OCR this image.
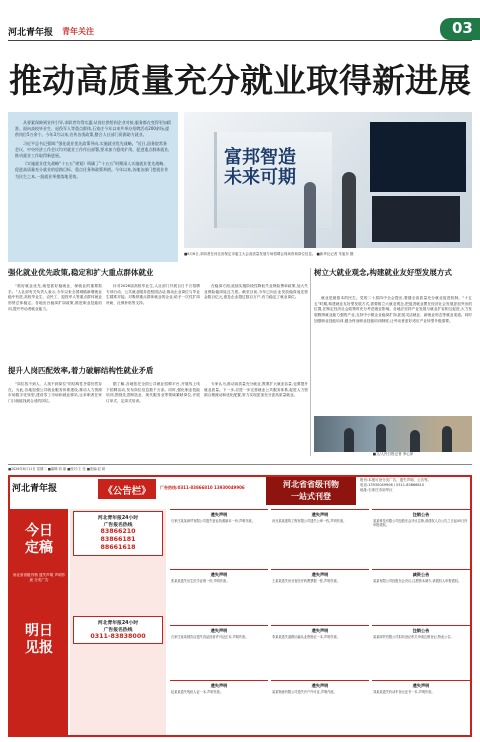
河北青年报 青年关注	03
推动高质量充分就业取得新进展

从要素保障到宣传引导,求职者均得实惠;从岗位供给到企业对接,服务都在变得更加精准。面向高校毕业生、退役军人等重点群体,石家庄今年以来共举办招聘活动200余场,提供岗位5万余个。今年3月以来,宣传各类政策,整合人社部门资源助力就业。

习近平总书记强调:“强化就业优先政策导向,实施就业优先战略。”近日,国务院常务会议、中央经济工作会议均对就业工作作出部署,要求加力稳岗扩岗、促进重点群体就业,推动就业工作取得新进展。

《实施就业优先战略“十五五”规划》明确了“十五五”时期深入实施就业优先战略、促进高质量充分就业的思路目标、重点任务和政策举措。今年以来,各地各部门把就业作为民生之本,一批就业举措落地见效。

富邦智造
未来可期
■8月6日,求职者在河北省保定市雇主大会高质量发展专场招聘会现场咨询岗位信息。 ■新华社记者 朱旭东 摄
强化就业优先政策,稳定和扩大重点群体就业

“抓好就业优先,就是抓好稳就业、保就业的重要抓手。”人社部有关负责人表示,今年以来全国城镇新增就业稳中有进,高校毕业生、农民工、退役军人等重点群体就业形势总体稳定。各地出台稳岗扩岗政策,推进职业技能培训,提升劳动者就业能力。

针对2026届高校毕业生,人社部门开展百日千万招聘专项行动、公共就业服务进校园活动,推动企业岗位与毕业生精准对接。对吸纳重点群体就业的企业,给予一次性扩岗补助、社保补贴等支持。

在稳岗方面,延续实施阶段性降低失业保险费率政策,加大失业保险稳岗返还力度。截至目前,今年已向企业发放稳岗返还资金数百亿元,惠及企业超过数百万户,有力稳定了就业岗位。

提升人岗匹配效率,着力破解结构性就业矛盾

“岗位找不到人、人找不到岗位”的结构性矛盾仍然存在。为此,各地加强公共就业服务体系建设,推动人力资源市场数字化转型,建设零工市场和就业驿站,让求职者在家门口就能找到合适的岗位。

据了解,各地依托全国公共就业招聘平台,开展线上线下招聘活动,发布岗位信息数千万条。同时,强化职业技能培训,围绕先进制造业、现代服务业等领域紧缺岗位,开展订单式、定岗式培训。

专家认为,推动高质量充分就业,既要扩大就业容量,也要提升就业质量。下一步,应进一步完善就业公共服务体系,促进人力资源合理流动和优化配置,努力实现更加充分更高质量就业。

树立大就业观念,构建就业友好型发展方式

就业是最基本的民生。党的二十届四中全会提出,要健全高质量充分就业促进机制。“十五五”时期,构建就业友好型发展方式,需要树立大就业观念,把促进就业摆在经济社会发展更加突出的位置,在制定经济社会政策时充分考虑就业影响。各地应坚持产业发展与就业扩容相互促进,大力发展吸纳就业能力强的产业,支持中小微企业稳岗扩岗,拓宽灵活就业、新就业形态等就业渠道。同时加强职业技能培训,健全终身职业技能培训制度,让劳动者更好适应产业转型升级需要。

■文/人民日报记者 李心萍
■2026年8月11日 星期二 ■编辑:刘 丽 ■校对:王 莹 ■美编:赵 硕
河北青年报	《公告栏》	广告热线:0311-83866810 13930049906	河北省省级刊物
一站式刊登
报刊:本报可登分类广告、遗失声明、公告等。
电话:13930049906 / 0311-83866810
地址:石家庄市裕华区
今日
定稿
河北省省级刊物 遗失声明 声明作废 分类广告
明日
见报
河北青年报24小时
广告报名热线
83866210
83866181
88661618
河北青年报24小时
广告报名热线
0311-83838000
遗失声明
石家庄某某商贸有限公司遗失营业执照副本一份,声明作废。
遗失声明
河北某某建筑工程有限公司遗失公章一枚,声明作废。
注销公告
某某科技有限公司经股东会决议注销,请债权人自公告之日起45日内申报债权。
遗失声明
张某某遗失出生医学证明一份,声明作废。
遗失声明
王某某遗失河北省医疗收费票据一张,声明作废。
减资公告
某某有限公司经股东会决议,注册资本减少,请债权人申报债权。
遗失声明
石家庄某某餐饮店遗失食品经营许可证正本,声明作废。
遗失声明
李某某遗失道路运输从业资格证一本,声明作废。
注销公告
某某商贸有限公司拟向登记机关申请注销登记,特此公告。
遗失声明
赵某某遗失残疾人证一本,声明作废。
遗失声明
某某物流有限公司遗失开户许可证,声明作废。
遗失声明
刘某某遗失机动车登记证书一本,声明作废。
